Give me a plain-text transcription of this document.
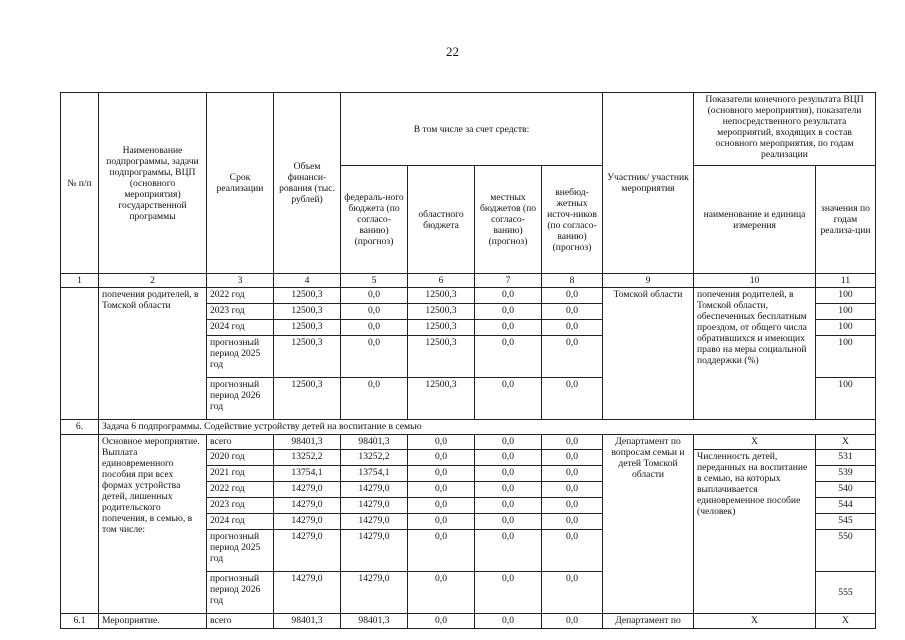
22
№ п/п	Наименование подпрограммы, задачи подпрограммы, ВЦП (основного мероприятия) государственной программы	Срок реализации	Объем финанси-рования (тыс. рублей)	В том числе за счет средств:				Участник/ участник мероприятия	Показатели конечного результата ВЦП (основного мероприятия), показатели непосредственного результата мероприятий, входящих в состав основного мероприятия, по годам реализации	
				федераль-ного бюджета (по согласо-ванию) (прогноз)	областного бюджета	местных бюджетов (по согласо-ванию) (прогноз)	внебюд-жетных источ-ников (по согласо-ванию) (прогноз)		наименование и единица измерения	значения по годам реализа-ции
1	2	3	4	5	6	7	8	9	10	11
	попечения родителей, в Томской области	2022 год	12500,3	0,0	12500,3	0,0	0,0	Томской области	попечения родителей, в Томской области, обеспеченных бесплатным проездом, от общего числа обратившихся и имеющих право на меры социальной поддержки (%)	100
		2023 год	12500,3	0,0	12500,3	0,0	0,0			100
		2024 год	12500,3	0,0	12500,3	0,0	0,0			100
		прогнозный период 2025 год	12500,3	0,0	12500,3	0,0	0,0			100
		прогнозный период 2026 год	12500,3	0,0	12500,3	0,0	0,0			100
6.	Задача 6 подпрограммы. Содействие устройству детей на воспитание в семью									
	Основное мероприятие. Выплата единовременного пособия при всех формах устройства детей, лишенных родительского попечения, в семью, в том числе:	всего	98401,3	98401,3	0,0	0,0	0,0	Департамент по вопросам семьи и детей Томской области	X	X
		2020 год	13252,2	13252,2	0,0	0,0	0,0		Численность детей, переданных на воспитание в семью, на которых выплачивается единовременное пособие (человек)	531
		2021 год	13754,1	13754,1	0,0	0,0	0,0			539
		2022 год	14279,0	14279,0	0,0	0,0	0,0			540
		2023 год	14279,0	14279,0	0,0	0,0	0,0			544
		2024 год	14279,0	14279,0	0,0	0,0	0,0			545
		прогнозный период 2025 год	14279,0	14279,0	0,0	0,0	0,0			550
		прогнозный период 2026 год	14279,0	14279,0	0,0	0,0	0,0			555
6.1	Мероприятие.	всего	98401,3	98401,3	0,0	0,0	0,0	Департамент по	X	X
